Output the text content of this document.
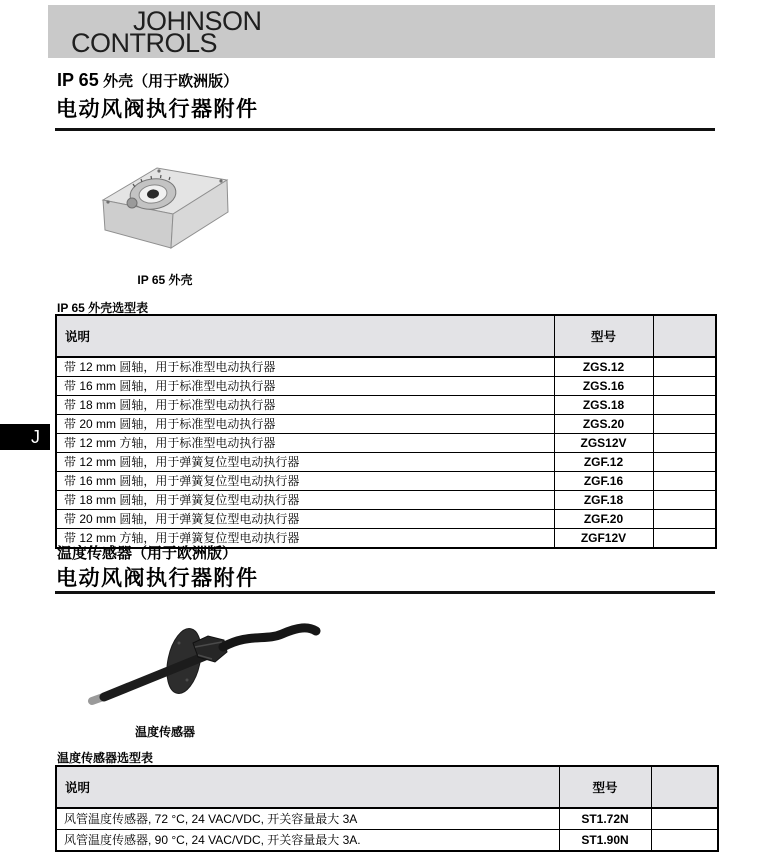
JOHNSON
CONTROLS
IP 65 外壳（用于欧洲版）
电动风阀执行器附件
IP 65 外壳
IP 65 外壳选型表
说明	型号	
带 12 mm 圆轴，用于标准型电动执行器	ZGS.12	
带 16 mm 圆轴，用于标准型电动执行器	ZGS.16	
带 18 mm 圆轴，用于标准型电动执行器	ZGS.18	
带 20 mm 圆轴，用于标准型电动执行器	ZGS.20	
带 12 mm 方轴，用于标准型电动执行器	ZGS12V	
带 12 mm 圆轴，用于弹簧复位型电动执行器	ZGF.12	
带 16 mm 圆轴，用于弹簧复位型电动执行器	ZGF.16	
带 18 mm 圆轴，用于弹簧复位型电动执行器	ZGF.18	
带 20 mm 圆轴，用于弹簧复位型电动执行器	ZGF.20	
带 12 mm 方轴，用于弹簧复位型电动执行器	ZGF12V	
J
温度传感器（用于欧洲版）
电动风阀执行器附件
温度传感器
温度传感器选型表
说明	型号	
风管温度传感器, 72 °C, 24 VAC/VDC, 开关容量最大 3A	ST1.72N	
风管温度传感器, 90 °C, 24 VAC/VDC, 开关容量最大 3A.	ST1.90N	
